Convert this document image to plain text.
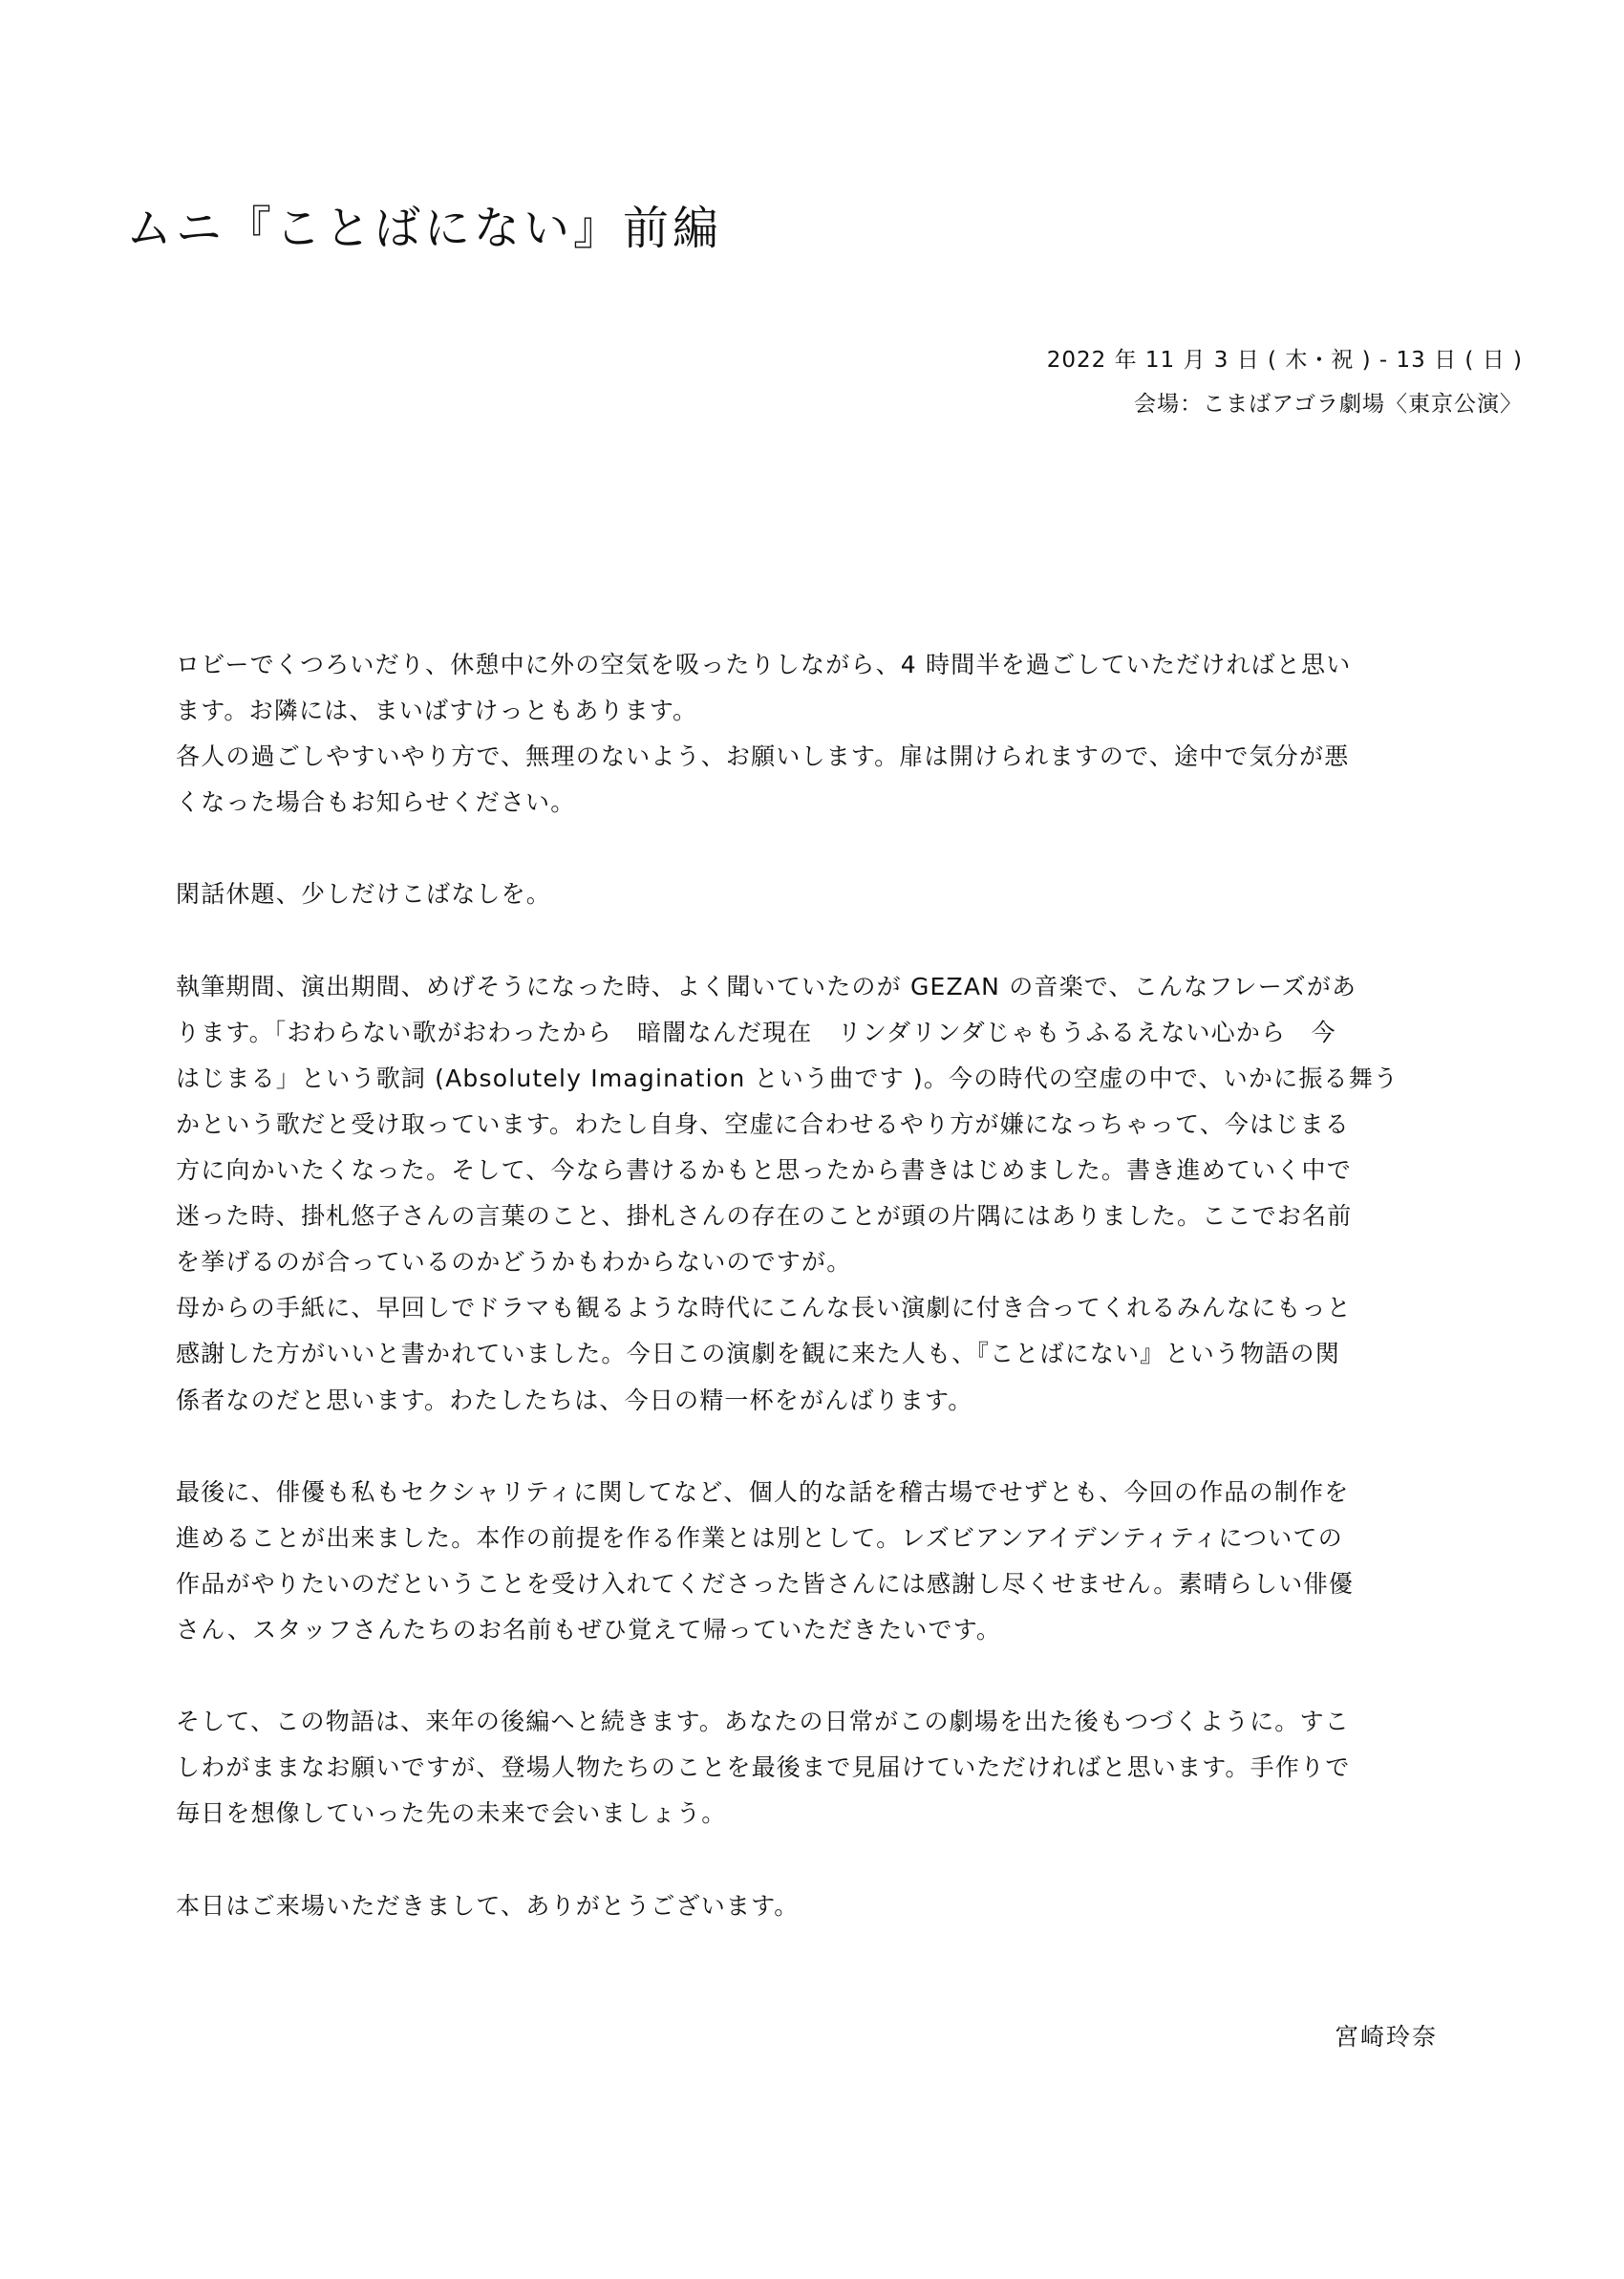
ムニ『ことばにない』前編
2022 年 11 月 3 日 ( 木・祝 ) - 13 日 ( 日 )
会場：こまばアゴラ劇場〈東京公演〉
ロビーでくつろいだり、休憩中に外の空気を吸ったりしながら、4 時間半を過ごしていただければと思い
ます。お隣には、まいばすけっともあります。
各人の過ごしやすいやり方で、無理のないよう、お願いします。扉は開けられますので、途中で気分が悪
くなった場合もお知らせください。
閑話休題、少しだけこばなしを。
執筆期間、演出期間、めげそうになった時、よく聞いていたのが GEZAN の音楽で、こんなフレーズがあ
ります。「おわらない歌がおわったから　暗闇なんだ現在　リンダリンダじゃもうふるえない心から　今
はじまる」という歌詞 (Absolutely Imagination という曲です )。今の時代の空虚の中で、いかに振る舞う
かという歌だと受け取っています。わたし自身、空虚に合わせるやり方が嫌になっちゃって、今はじまる
方に向かいたくなった。そして、今なら書けるかもと思ったから書きはじめました。書き進めていく中で
迷った時、掛札悠子さんの言葉のこと、掛札さんの存在のことが頭の片隅にはありました。ここでお名前
を挙げるのが合っているのかどうかもわからないのですが。
母からの手紙に、早回しでドラマも観るような時代にこんな長い演劇に付き合ってくれるみんなにもっと
感謝した方がいいと書かれていました。今日この演劇を観に来た人も、『ことばにない』という物語の関
係者なのだと思います。わたしたちは、今日の精一杯をがんばります。
最後に、俳優も私もセクシャリティに関してなど、個人的な話を稽古場でせずとも、今回の作品の制作を
進めることが出来ました。本作の前提を作る作業とは別として。レズビアンアイデンティティについての
作品がやりたいのだということを受け入れてくださった皆さんには感謝し尽くせません。素晴らしい俳優
さん、スタッフさんたちのお名前もぜひ覚えて帰っていただきたいです。
そして、この物語は、来年の後編へと続きます。あなたの日常がこの劇場を出た後もつづくように。すこ
しわがままなお願いですが、登場人物たちのことを最後まで見届けていただければと思います。手作りで
毎日を想像していった先の未来で会いましょう。
本日はご来場いただきまして、ありがとうございます。
宮崎玲奈
